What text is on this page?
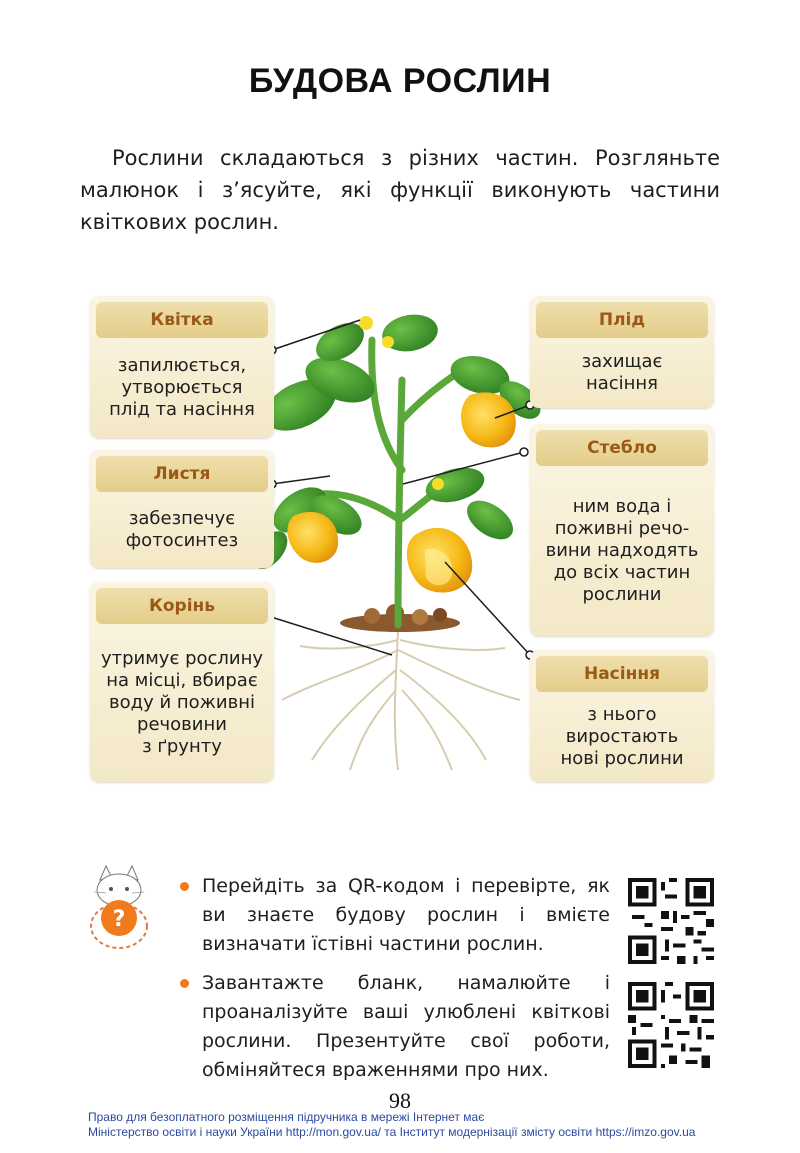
БУДОВА РОСЛИН
Рослини складаються з різних частин. Розгляньте малюнок і з’ясуйте, які функції виконують частини квіткових рослин.
Квітка
запилюється,
утворюється
плід та насіння
Листя
забезпечує
фотосинтез
Корінь
утримує рослину
на місці, вбирає
воду й поживні
речовини
з ґрунту
Плід
захищає
насіння
Стебло
ним вода і
поживні речо-
вини надходять
до всіх частин
рослини
Насіння
з нього
виростають
нові рослини
?
Перейдіть за QR-кодом і перевірте, як ви знаєте будову рослин і вмієте визначати їстівні частини рослин.
Завантажте бланк, намалюйте і проаналізуйте ваші улюблені квіткові рослини. Презентуйте свої роботи, обміняйтеся враженнями про них.
98
Право для безоплатного розміщення підручника в мережі Інтернет має
Міністерство освіти і науки України http://mon.gov.ua/ та Інститут модернізації змісту освіти https://imzo.gov.ua
